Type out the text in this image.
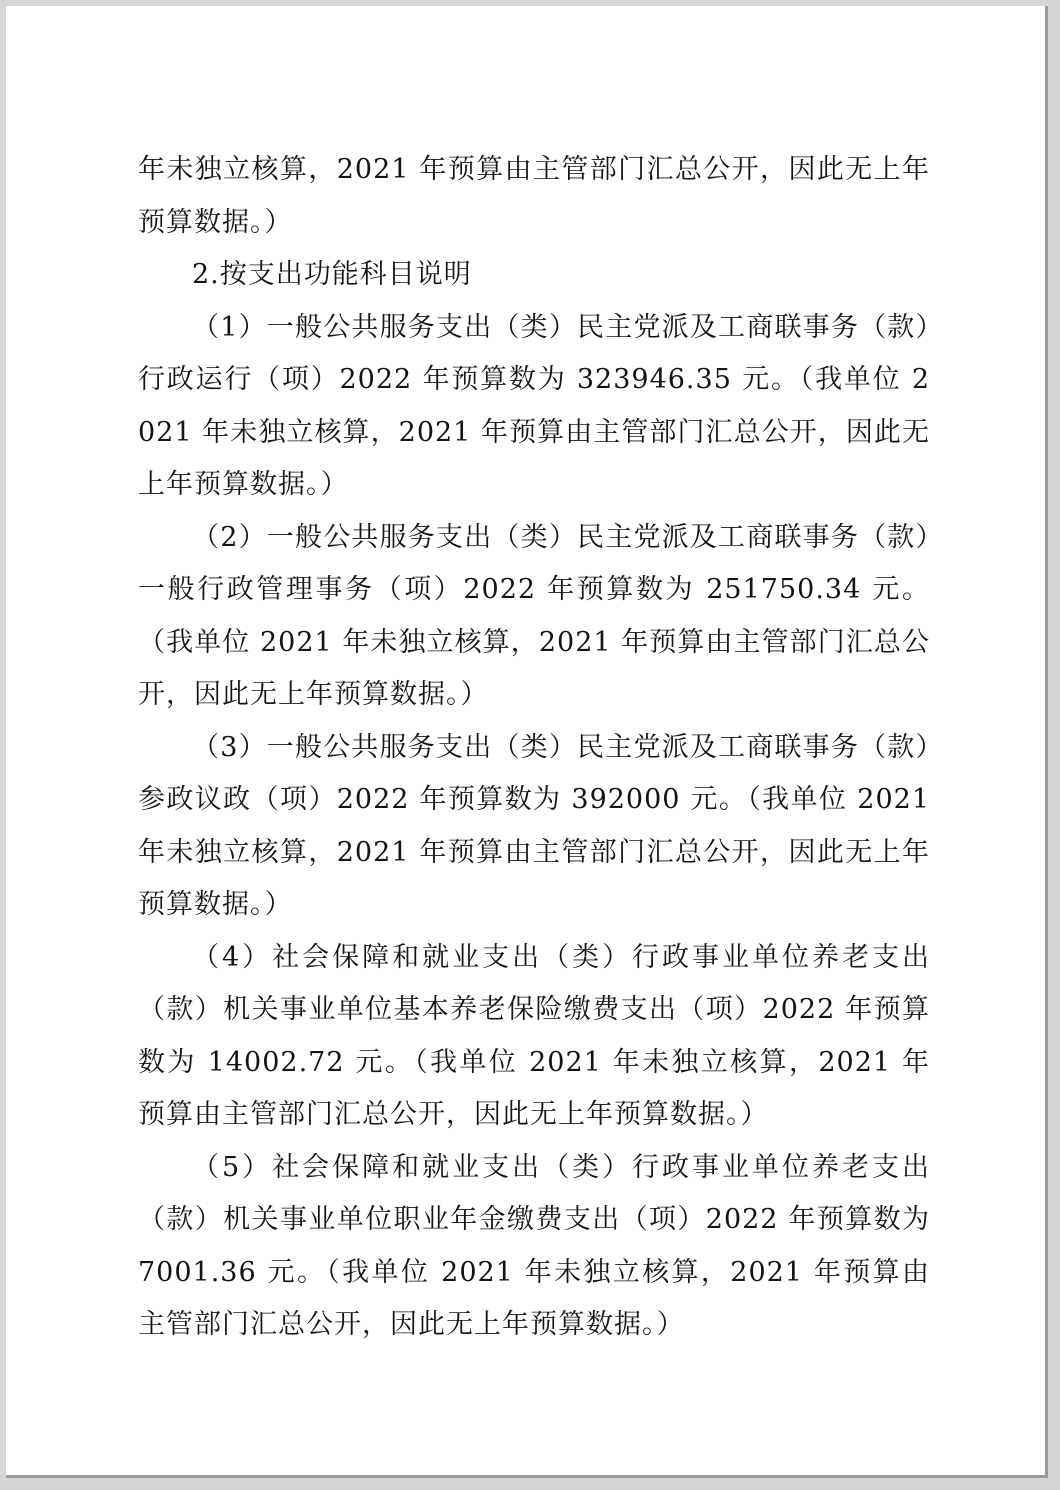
年未独立核算，2021 年预算由主管部门汇总公开，因此无上年预算数据。）

2.按支出功能科目说明

（1）一般公共服务支出（类）民主党派及工商联事务（款）行政运行（项）2022 年预算数为 323946.35 元。（我单位 2021 年未独立核算，2021 年预算由主管部门汇总公开，因此无上年预算数据。）

（2）一般公共服务支出（类）民主党派及工商联事务（款）一般行政管理事务（项）2022 年预算数为 251750.34 元。（我单位 2021 年未独立核算，2021 年预算由主管部门汇总公开，因此无上年预算数据。）

（3）一般公共服务支出（类）民主党派及工商联事务（款）参政议政（项）2022 年预算数为 392000 元。（我单位 2021 年未独立核算，2021 年预算由主管部门汇总公开，因此无上年预算数据。）

（4）社会保障和就业支出（类）行政事业单位养老支出（款）机关事业单位基本养老保险缴费支出（项）2022 年预算数为 14002.72 元。（我单位 2021 年未独立核算，2021 年预算由主管部门汇总公开，因此无上年预算数据。）

（5）社会保障和就业支出（类）行政事业单位养老支出（款）机关事业单位职业年金缴费支出（项）2022 年预算数为 7001.36 元。（我单位 2021 年未独立核算，2021 年预算由主管部门汇总公开，因此无上年预算数据。）
